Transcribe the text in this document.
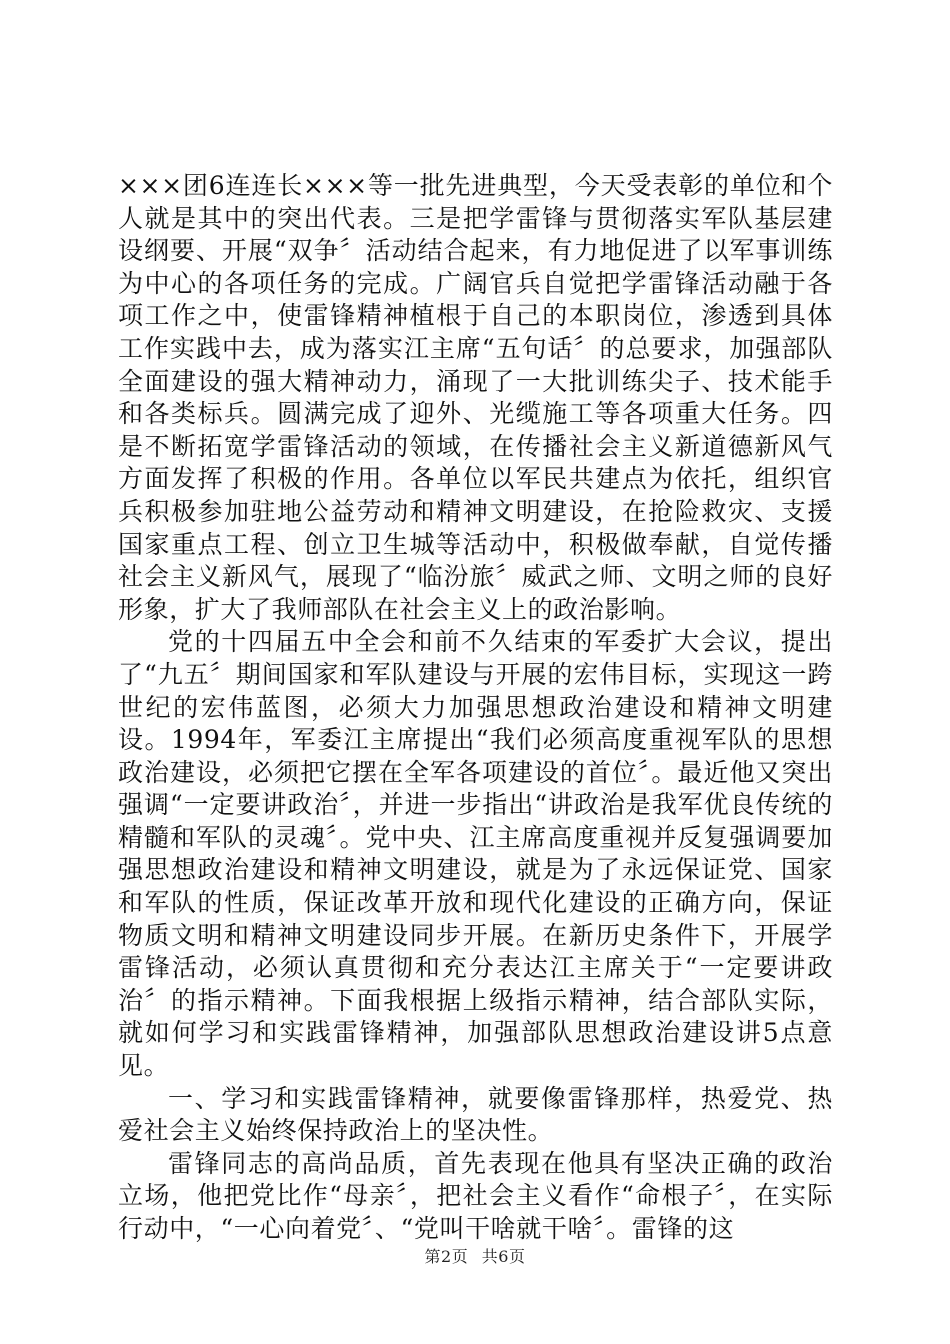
×××团6连连长×××等一批先进典型，今天受表彰的单位和个人就是其中的突出代表。三是把学雷锋与贯彻落实军队基层建设纲要、开展“双争〞活动结合起来，有力地促进了以军事训练为中心的各项任务的完成。广阔官兵自觉把学雷锋活动融于各项工作之中，使雷锋精神植根于自己的本职岗位，渗透到具体工作实践中去，成为落实江主席“五句话〞的总要求，加强部队全面建设的强大精神动力，涌现了一大批训练尖子、技术能手和各类标兵。圆满完成了迎外、光缆施工等各项重大任务。四是不断拓宽学雷锋活动的领域，在传播社会主义新道德新风气方面发挥了积极的作用。各单位以军民共建点为依托，组织官兵积极参加驻地公益劳动和精神文明建设，在抢险救灾、支援国家重点工程、创立卫生城等活动中，积极做奉献，自觉传播社会主义新风气，展现了“临汾旅〞威武之师、文明之师的良好形象，扩大了我师部队在社会主义上的政治影响。

党的十四届五中全会和前不久结束的军委扩大会议，提出了“九五〞期间国家和军队建设与开展的宏伟目标，实现这一跨世纪的宏伟蓝图，必须大力加强思想政治建设和精神文明建设。1994年，军委江主席提出“我们必须高度重视军队的思想政治建设，必须把它摆在全军各项建设的首位〞。最近他又突出强调“一定要讲政治〞，并进一步指出“讲政治是我军优良传统的精髓和军队的灵魂〞。党中央、江主席高度重视并反复强调要加强思想政治建设和精神文明建设，就是为了永远保证党、国家和军队的性质，保证改革开放和现代化建设的正确方向，保证物质文明和精神文明建设同步开展。在新历史条件下，开展学雷锋活动，必须认真贯彻和充分表达江主席关于“一定要讲政治〞的指示精神。下面我根据上级指示精神，结合部队实际，就如何学习和实践雷锋精神，加强部队思想政治建设讲5点意见。

一、学习和实践雷锋精神，就要像雷锋那样，热爱党、热爱社会主义始终保持政治上的坚决性。

雷锋同志的高尚品质，首先表现在他具有坚决正确的政治立场，他把党比作“母亲〞，把社会主义看作“命根子〞，在实际行动中，“一心向着党〞、“党叫干啥就干啥〞。雷锋的这

第2页 共6页
